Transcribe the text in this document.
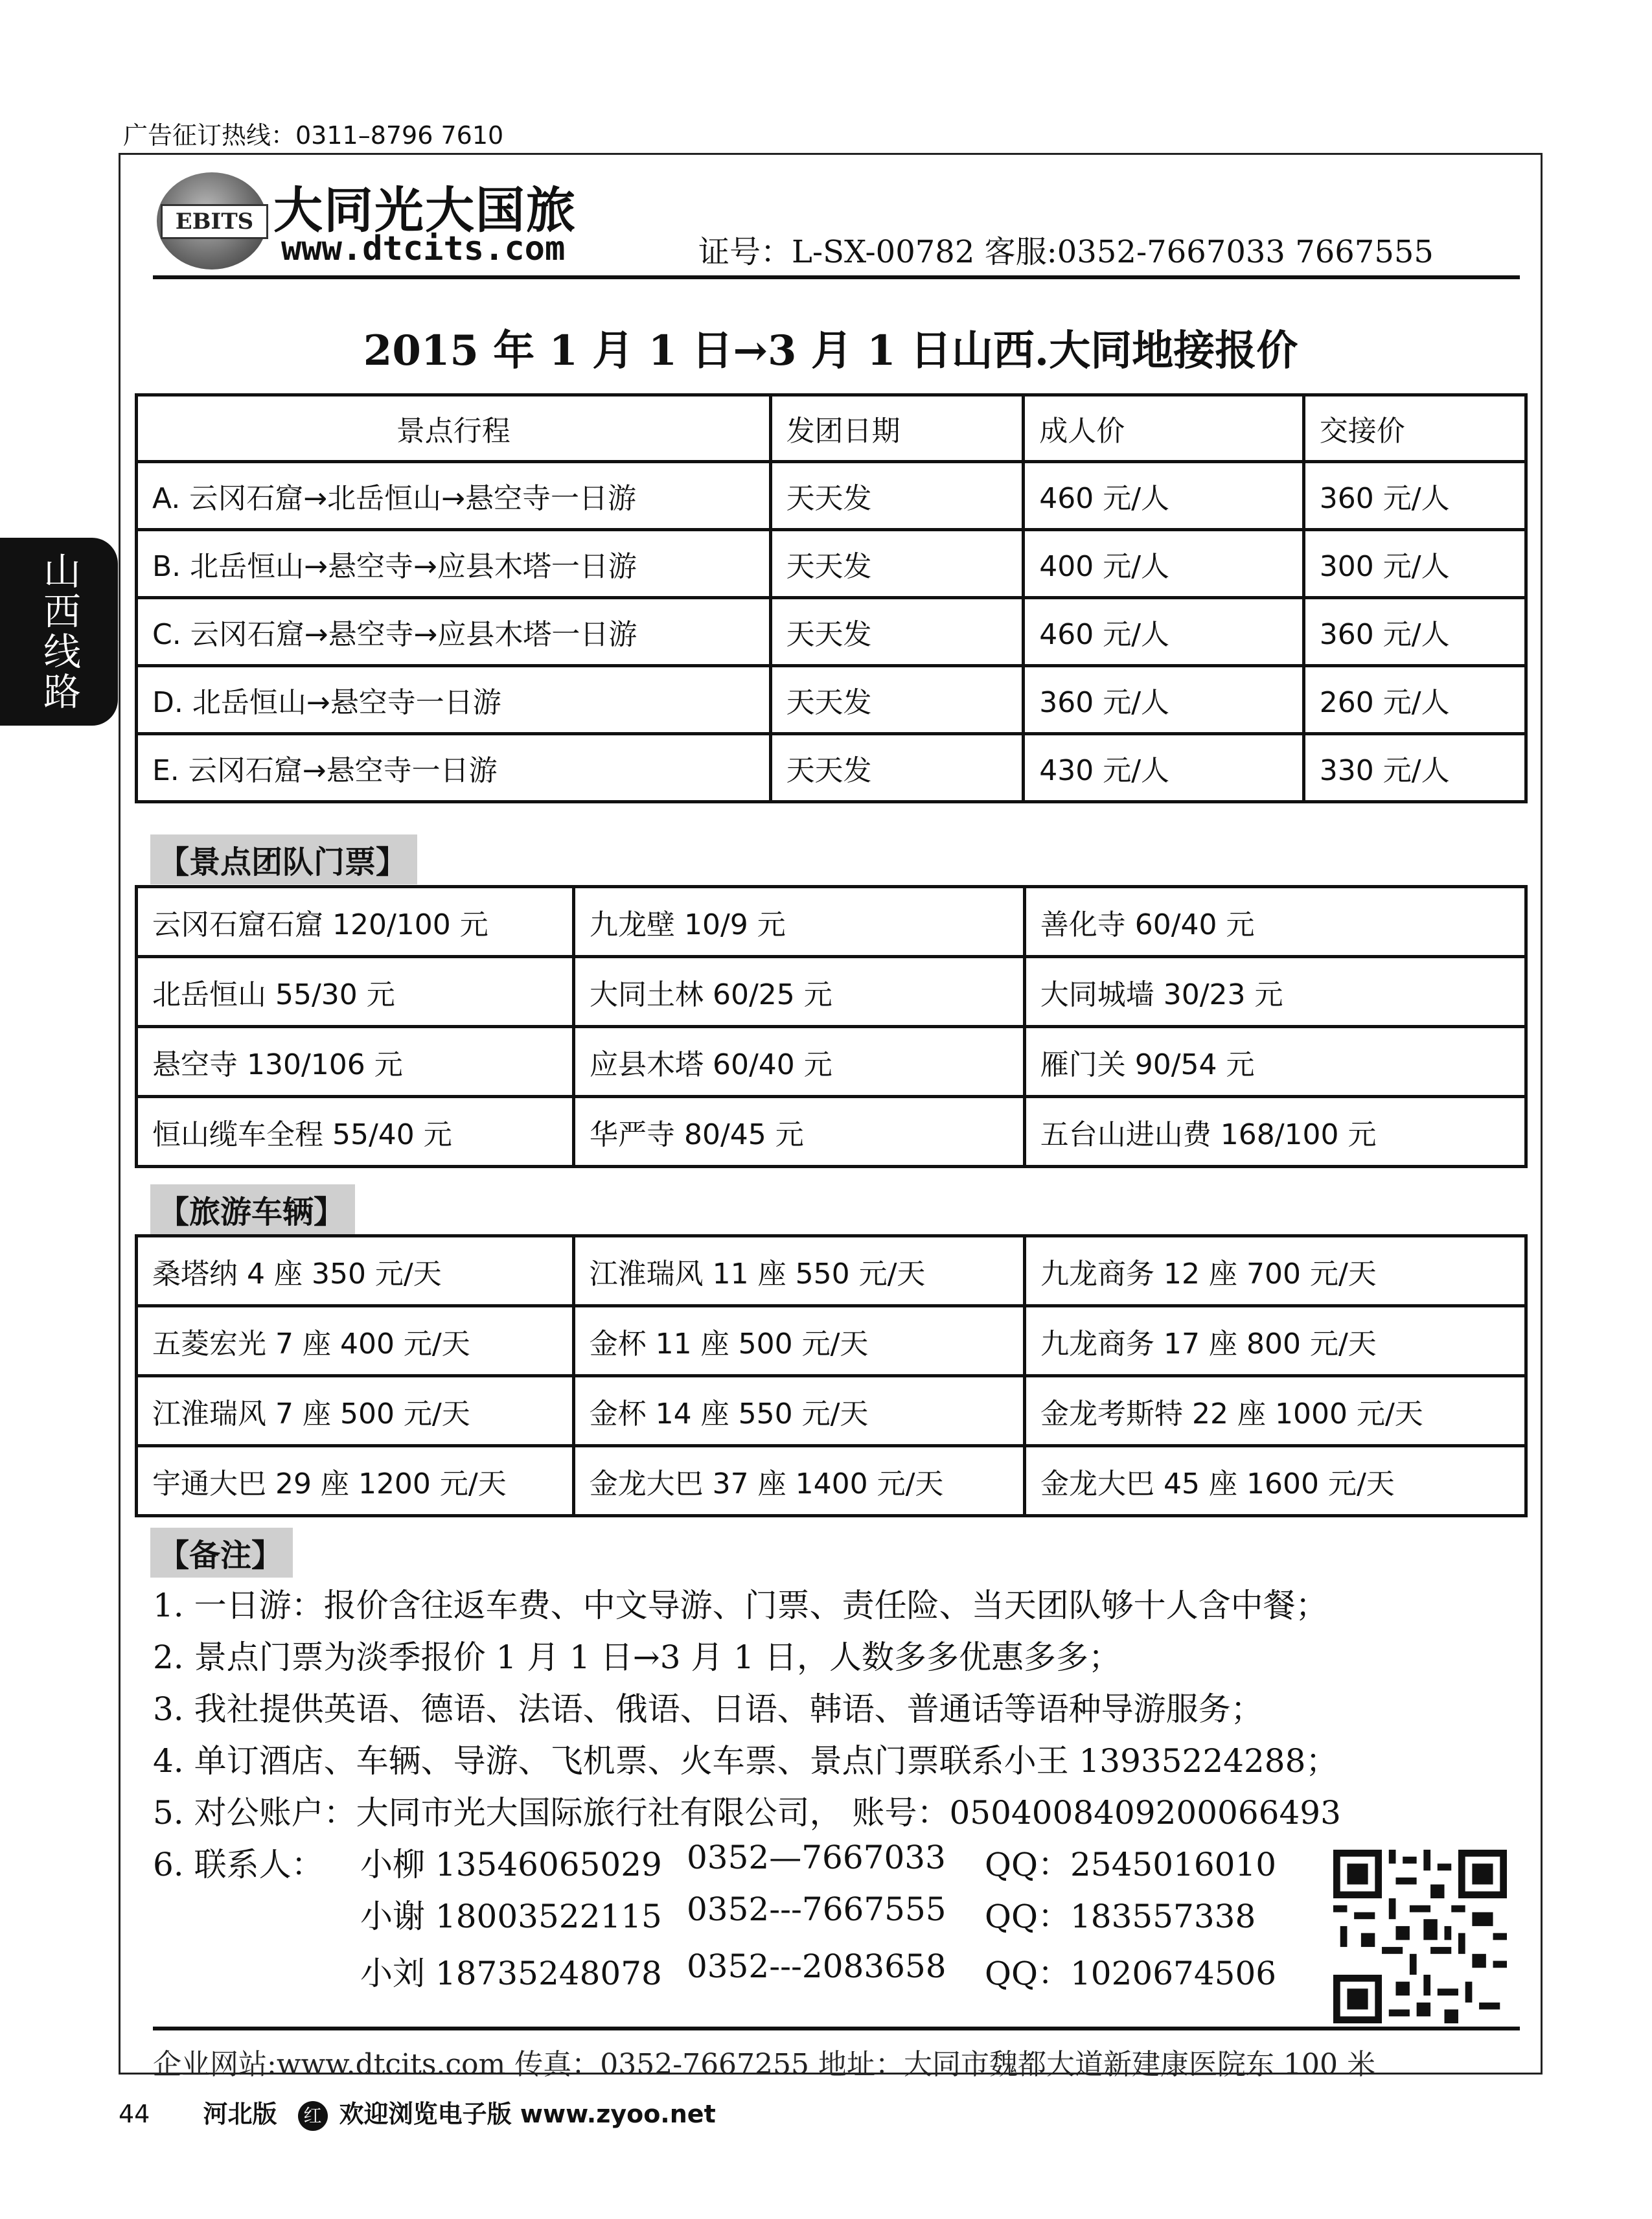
广告征订热线：0311–8796 7610
山西线路
EBITS 大同光大国旅
www.dtcits.com	证号：L-SX-00782 客服:0352-7667033 7667555
2015 年 1 月 1 日→3 月 1 日山西.大同地接报价
景点行程	发团日期	成人价	交接价
A. 云冈石窟→北岳恒山→悬空寺一日游	天天发	460 元/人	360 元/人
B. 北岳恒山→悬空寺→应县木塔一日游	天天发	400 元/人	300 元/人
C. 云冈石窟→悬空寺→应县木塔一日游	天天发	460 元/人	360 元/人
D. 北岳恒山→悬空寺一日游	天天发	360 元/人	260 元/人
E. 云冈石窟→悬空寺一日游	天天发	430 元/人	330 元/人
【景点团队门票】
云冈石窟石窟 120/100 元	九龙壁 10/9 元	善化寺 60/40 元
北岳恒山 55/30 元	大同土林 60/25 元	大同城墙 30/23 元
悬空寺 130/106 元	应县木塔 60/40 元	雁门关 90/54 元
恒山缆车全程 55/40 元	华严寺 80/45 元	五台山进山费 168/100 元
【旅游车辆】
桑塔纳 4 座 350 元/天	江淮瑞风 11 座 550 元/天	九龙商务 12 座 700 元/天
五菱宏光 7 座 400 元/天	金杯 11 座 500 元/天	九龙商务 17 座 800 元/天
江淮瑞风 7 座 500 元/天	金杯 14 座 550 元/天	金龙考斯特 22 座 1000 元/天
宇通大巴 29 座 1200 元/天	金龙大巴 37 座 1400 元/天	金龙大巴 45 座 1600 元/天
【备注】
1. 一日游：报价含往返车费、中文导游、门票、责任险、当天团队够十人含中餐；
2. 景点门票为淡季报价 1 月 1 日→3 月 1 日，人数多多优惠多多；
3. 我社提供英语、德语、法语、俄语、日语、韩语、普通话等语种导游服务；
4. 单订酒店、车辆、导游、飞机票、火车票、景点门票联系小王 13935224288；
5. 对公账户：大同市光大国际旅行社有限公司， 账号：0504008409200066493
6. 联系人： 小柳 13546065029 0352—7667033 QQ：2545016010
小谢 18003522115 0352---7667555 QQ：183557338
小刘 18735248078 0352---2083658 QQ：1020674506
企业网站:www.dtcits.com 传真：0352-7667255 地址：大同市魏都大道新建康医院东 100 米
44 河北版 红 欢迎浏览电子版 www.zyoo.net
